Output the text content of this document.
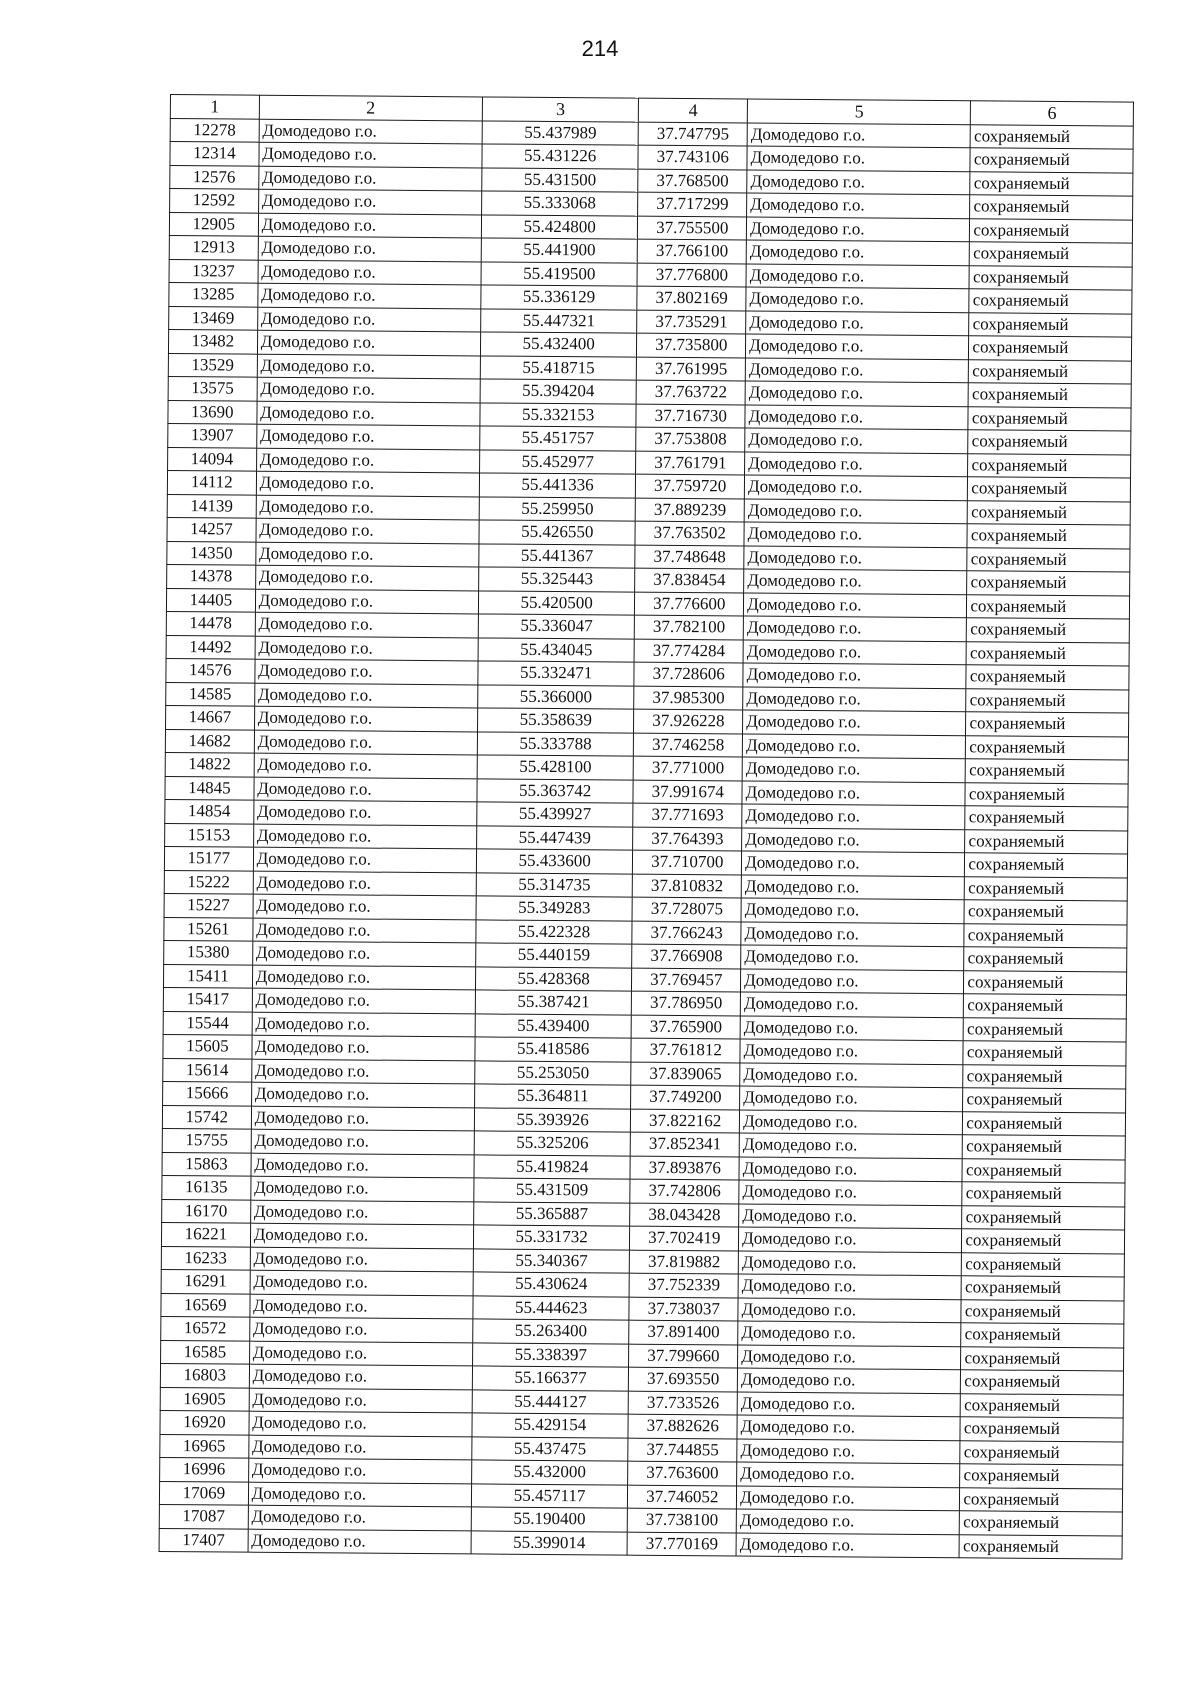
214
1	2	3	4	5	6
12278	Домодедово г.о.	55.437989	37.747795	Домодедово г.о.	сохраняемый
12314	Домодедово г.о.	55.431226	37.743106	Домодедово г.о.	сохраняемый
12576	Домодедово г.о.	55.431500	37.768500	Домодедово г.о.	сохраняемый
12592	Домодедово г.о.	55.333068	37.717299	Домодедово г.о.	сохраняемый
12905	Домодедово г.о.	55.424800	37.755500	Домодедово г.о.	сохраняемый
12913	Домодедово г.о.	55.441900	37.766100	Домодедово г.о.	сохраняемый
13237	Домодедово г.о.	55.419500	37.776800	Домодедово г.о.	сохраняемый
13285	Домодедово г.о.	55.336129	37.802169	Домодедово г.о.	сохраняемый
13469	Домодедово г.о.	55.447321	37.735291	Домодедово г.о.	сохраняемый
13482	Домодедово г.о.	55.432400	37.735800	Домодедово г.о.	сохраняемый
13529	Домодедово г.о.	55.418715	37.761995	Домодедово г.о.	сохраняемый
13575	Домодедово г.о.	55.394204	37.763722	Домодедово г.о.	сохраняемый
13690	Домодедово г.о.	55.332153	37.716730	Домодедово г.о.	сохраняемый
13907	Домодедово г.о.	55.451757	37.753808	Домодедово г.о.	сохраняемый
14094	Домодедово г.о.	55.452977	37.761791	Домодедово г.о.	сохраняемый
14112	Домодедово г.о.	55.441336	37.759720	Домодедово г.о.	сохраняемый
14139	Домодедово г.о.	55.259950	37.889239	Домодедово г.о.	сохраняемый
14257	Домодедово г.о.	55.426550	37.763502	Домодедово г.о.	сохраняемый
14350	Домодедово г.о.	55.441367	37.748648	Домодедово г.о.	сохраняемый
14378	Домодедово г.о.	55.325443	37.838454	Домодедово г.о.	сохраняемый
14405	Домодедово г.о.	55.420500	37.776600	Домодедово г.о.	сохраняемый
14478	Домодедово г.о.	55.336047	37.782100	Домодедово г.о.	сохраняемый
14492	Домодедово г.о.	55.434045	37.774284	Домодедово г.о.	сохраняемый
14576	Домодедово г.о.	55.332471	37.728606	Домодедово г.о.	сохраняемый
14585	Домодедово г.о.	55.366000	37.985300	Домодедово г.о.	сохраняемый
14667	Домодедово г.о.	55.358639	37.926228	Домодедово г.о.	сохраняемый
14682	Домодедово г.о.	55.333788	37.746258	Домодедово г.о.	сохраняемый
14822	Домодедово г.о.	55.428100	37.771000	Домодедово г.о.	сохраняемый
14845	Домодедово г.о.	55.363742	37.991674	Домодедово г.о.	сохраняемый
14854	Домодедово г.о.	55.439927	37.771693	Домодедово г.о.	сохраняемый
15153	Домодедово г.о.	55.447439	37.764393	Домодедово г.о.	сохраняемый
15177	Домодедово г.о.	55.433600	37.710700	Домодедово г.о.	сохраняемый
15222	Домодедово г.о.	55.314735	37.810832	Домодедово г.о.	сохраняемый
15227	Домодедово г.о.	55.349283	37.728075	Домодедово г.о.	сохраняемый
15261	Домодедово г.о.	55.422328	37.766243	Домодедово г.о.	сохраняемый
15380	Домодедово г.о.	55.440159	37.766908	Домодедово г.о.	сохраняемый
15411	Домодедово г.о.	55.428368	37.769457	Домодедово г.о.	сохраняемый
15417	Домодедово г.о.	55.387421	37.786950	Домодедово г.о.	сохраняемый
15544	Домодедово г.о.	55.439400	37.765900	Домодедово г.о.	сохраняемый
15605	Домодедово г.о.	55.418586	37.761812	Домодедово г.о.	сохраняемый
15614	Домодедово г.о.	55.253050	37.839065	Домодедово г.о.	сохраняемый
15666	Домодедово г.о.	55.364811	37.749200	Домодедово г.о.	сохраняемый
15742	Домодедово г.о.	55.393926	37.822162	Домодедово г.о.	сохраняемый
15755	Домодедово г.о.	55.325206	37.852341	Домодедово г.о.	сохраняемый
15863	Домодедово г.о.	55.419824	37.893876	Домодедово г.о.	сохраняемый
16135	Домодедово г.о.	55.431509	37.742806	Домодедово г.о.	сохраняемый
16170	Домодедово г.о.	55.365887	38.043428	Домодедово г.о.	сохраняемый
16221	Домодедово г.о.	55.331732	37.702419	Домодедово г.о.	сохраняемый
16233	Домодедово г.о.	55.340367	37.819882	Домодедово г.о.	сохраняемый
16291	Домодедово г.о.	55.430624	37.752339	Домодедово г.о.	сохраняемый
16569	Домодедово г.о.	55.444623	37.738037	Домодедово г.о.	сохраняемый
16572	Домодедово г.о.	55.263400	37.891400	Домодедово г.о.	сохраняемый
16585	Домодедово г.о.	55.338397	37.799660	Домодедово г.о.	сохраняемый
16803	Домодедово г.о.	55.166377	37.693550	Домодедово г.о.	сохраняемый
16905	Домодедово г.о.	55.444127	37.733526	Домодедово г.о.	сохраняемый
16920	Домодедово г.о.	55.429154	37.882626	Домодедово г.о.	сохраняемый
16965	Домодедово г.о.	55.437475	37.744855	Домодедово г.о.	сохраняемый
16996	Домодедово г.о.	55.432000	37.763600	Домодедово г.о.	сохраняемый
17069	Домодедово г.о.	55.457117	37.746052	Домодедово г.о.	сохраняемый
17087	Домодедово г.о.	55.190400	37.738100	Домодедово г.о.	сохраняемый
17407	Домодедово г.о.	55.399014	37.770169	Домодедово г.о.	сохраняемый
